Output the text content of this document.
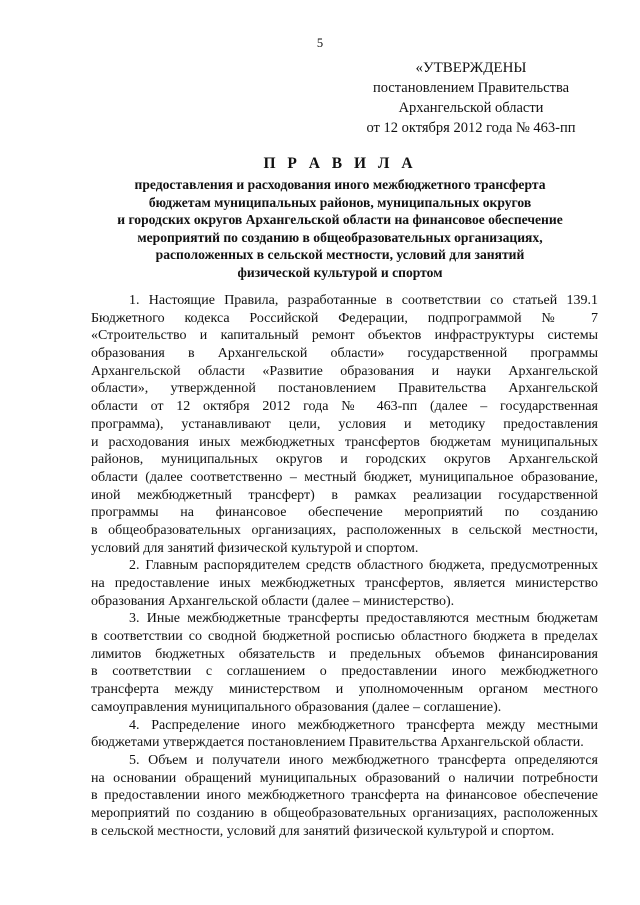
5
«УТВЕРЖДЕНЫ
постановлением Правительства
Архангельской области
от 12 октября 2012 года № 463-пп
П Р А В И Л А
предоставления и расходования иного межбюджетного трансферта
бюджетам муниципальных районов, муниципальных округов
и городских округов Архангельской области на финансовое обеспечение
мероприятий по созданию в общеобразовательных организациях,
расположенных в сельской местности, условий для занятий
физической культурой и спортом
1. Настоящие Правила, разработанные в соответствии со статьей 139.1
Бюджетного кодекса Российской Федерации, подпрограммой № 7
«Строительство и капитальный ремонт объектов инфраструктуры системы
образования в Архангельской области» государственной программы
Архангельской области «Развитие образования и науки Архангельской
области», утвержденной постановлением Правительства Архангельской
области от 12 октября 2012 года № 463-пп (далее – государственная
программа), устанавливают цели, условия и методику предоставления
и расходования иных межбюджетных трансфертов бюджетам муниципальных
районов, муниципальных округов и городских округов Архангельской
области (далее соответственно – местный бюджет, муниципальное образование,
иной межбюджетный трансферт) в рамках реализации государственной
программы на финансовое обеспечение мероприятий по созданию
в общеобразовательных организациях, расположенных в сельской местности,
условий для занятий физической культурой и спортом.
2. Главным распорядителем средств областного бюджета, предусмотренных
на предоставление иных межбюджетных трансфертов, является министерство
образования Архангельской области (далее – министерство).
3. Иные межбюджетные трансферты предоставляются местным бюджетам
в соответствии со сводной бюджетной росписью областного бюджета в пределах
лимитов бюджетных обязательств и предельных объемов финансирования
в соответствии с соглашением о предоставлении иного межбюджетного
трансферта между министерством и уполномоченным органом местного
самоуправления муниципального образования (далее – соглашение).
4. Распределение иного межбюджетного трансферта между местными
бюджетами утверждается постановлением Правительства Архангельской области.
5. Объем и получатели иного межбюджетного трансферта определяются
на основании обращений муниципальных образований о наличии потребности
в предоставлении иного межбюджетного трансферта на финансовое обеспечение
мероприятий по созданию в общеобразовательных организациях, расположенных
в сельской местности, условий для занятий физической культурой и спортом.
